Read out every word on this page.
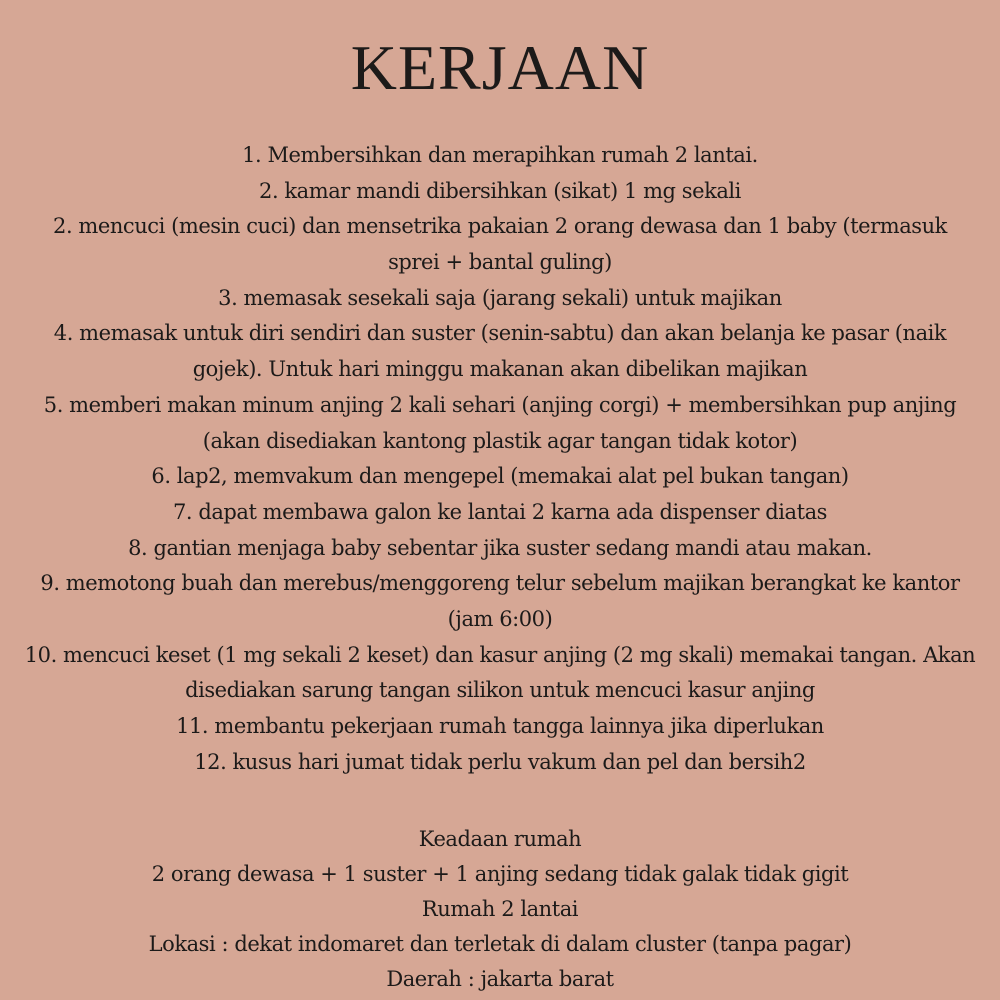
KERJAAN
1. Membersihkan dan merapihkan rumah 2 lantai.
2. kamar mandi dibersihkan (sikat) 1 mg sekali
2. mencuci (mesin cuci) dan mensetrika pakaian 2 orang dewasa dan 1 baby (termasuk
sprei + bantal guling)
3. memasak sesekali saja (jarang sekali) untuk majikan
4. memasak untuk diri sendiri dan suster (senin-sabtu) dan akan belanja ke pasar (naik
gojek). Untuk hari minggu makanan akan dibelikan majikan
5. memberi makan minum anjing 2 kali sehari (anjing corgi) + membersihkan pup anjing
(akan disediakan kantong plastik agar tangan tidak kotor)
6. lap2, memvakum dan mengepel (memakai alat pel bukan tangan)
7. dapat membawa galon ke lantai 2 karna ada dispenser diatas
8. gantian menjaga baby sebentar jika suster sedang mandi atau makan.
9. memotong buah dan merebus/menggoreng telur sebelum majikan berangkat ke kantor
(jam 6:00)
10. mencuci keset (1 mg sekali 2 keset) dan kasur anjing (2 mg skali) memakai tangan. Akan
disediakan sarung tangan silikon untuk mencuci kasur anjing
11. membantu pekerjaan rumah tangga lainnya jika diperlukan
12. kusus hari jumat tidak perlu vakum dan pel dan bersih2
Keadaan rumah
2 orang dewasa + 1 suster + 1 anjing sedang tidak galak tidak gigit
Rumah 2 lantai
Lokasi : dekat indomaret dan terletak di dalam cluster (tanpa pagar)
Daerah : jakarta barat
